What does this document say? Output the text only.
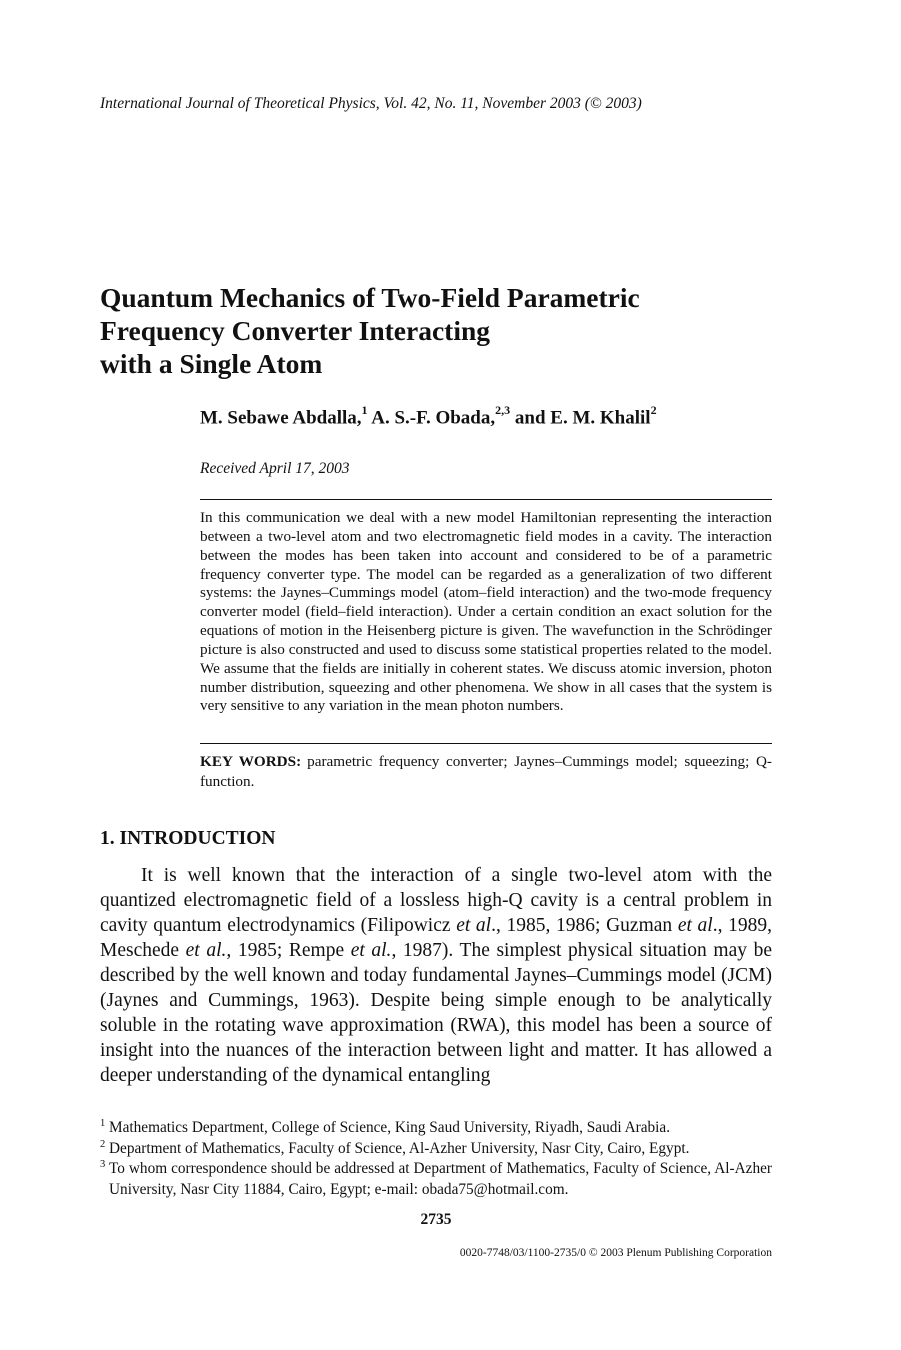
International Journal of Theoretical Physics, Vol. 42, No. 11, November 2003 (© 2003)
Quantum Mechanics of Two-Field Parametric
Frequency Converter Interacting
with a Single Atom
M. Sebawe Abdalla,$^1$ A. S.-F. Obada,$^{2,3}$ and E. M. Khalil$^2$
Received April 17, 2003
In this communication we deal with a new model Hamiltonian representing the interaction between a two-level atom and two electromagnetic field modes in a cavity. The interaction between the modes has been taken into account and considered to be of a parametric frequency converter type. The model can be regarded as a generalization of two different systems: the Jaynes–Cummings model (atom–field interaction) and the two-mode frequency converter model (field–field interaction). Under a certain condition an exact solution for the equations of motion in the Heisenberg picture is given. The wavefunction in the Schrödinger picture is also constructed and used to discuss some statistical properties related to the model. We assume that the fields are initially in coherent states. We discuss atomic inversion, photon number distribution, squeezing and other phenomena. We show in all cases that the system is very sensitive to any variation in the mean photon numbers.
KEY WORDS: parametric frequency converter; Jaynes–Cummings model; squeezing; Q-function.
1. INTRODUCTION
It is well known that the interaction of a single two-level atom with the quantized electromagnetic field of a lossless high-Q cavity is a central problem in cavity quantum electrodynamics (Filipowicz et al., 1985, 1986; Guzman et al., 1989, Meschede et al., 1985; Rempe et al., 1987). The simplest physical situation may be described by the well known and today fundamental Jaynes–Cummings model (JCM) (Jaynes and Cummings, 1963). Despite being simple enough to be analytically soluble in the rotating wave approximation (RWA), this model has been a source of insight into the nuances of the interaction between light and matter. It has allowed a deeper understanding of the dynamical entangling
1 Mathematics Department, College of Science, King Saud University, Riyadh, Saudi Arabia.
2 Department of Mathematics, Faculty of Science, Al-Azher University, Nasr City, Cairo, Egypt.
3 To whom correspondence should be addressed at Department of Mathematics, Faculty of Science, Al-Azher University, Nasr City 11884, Cairo, Egypt; e-mail: obada75@hotmail.com.
2735
0020-7748/03/1100-2735/0 © 2003 Plenum Publishing Corporation
